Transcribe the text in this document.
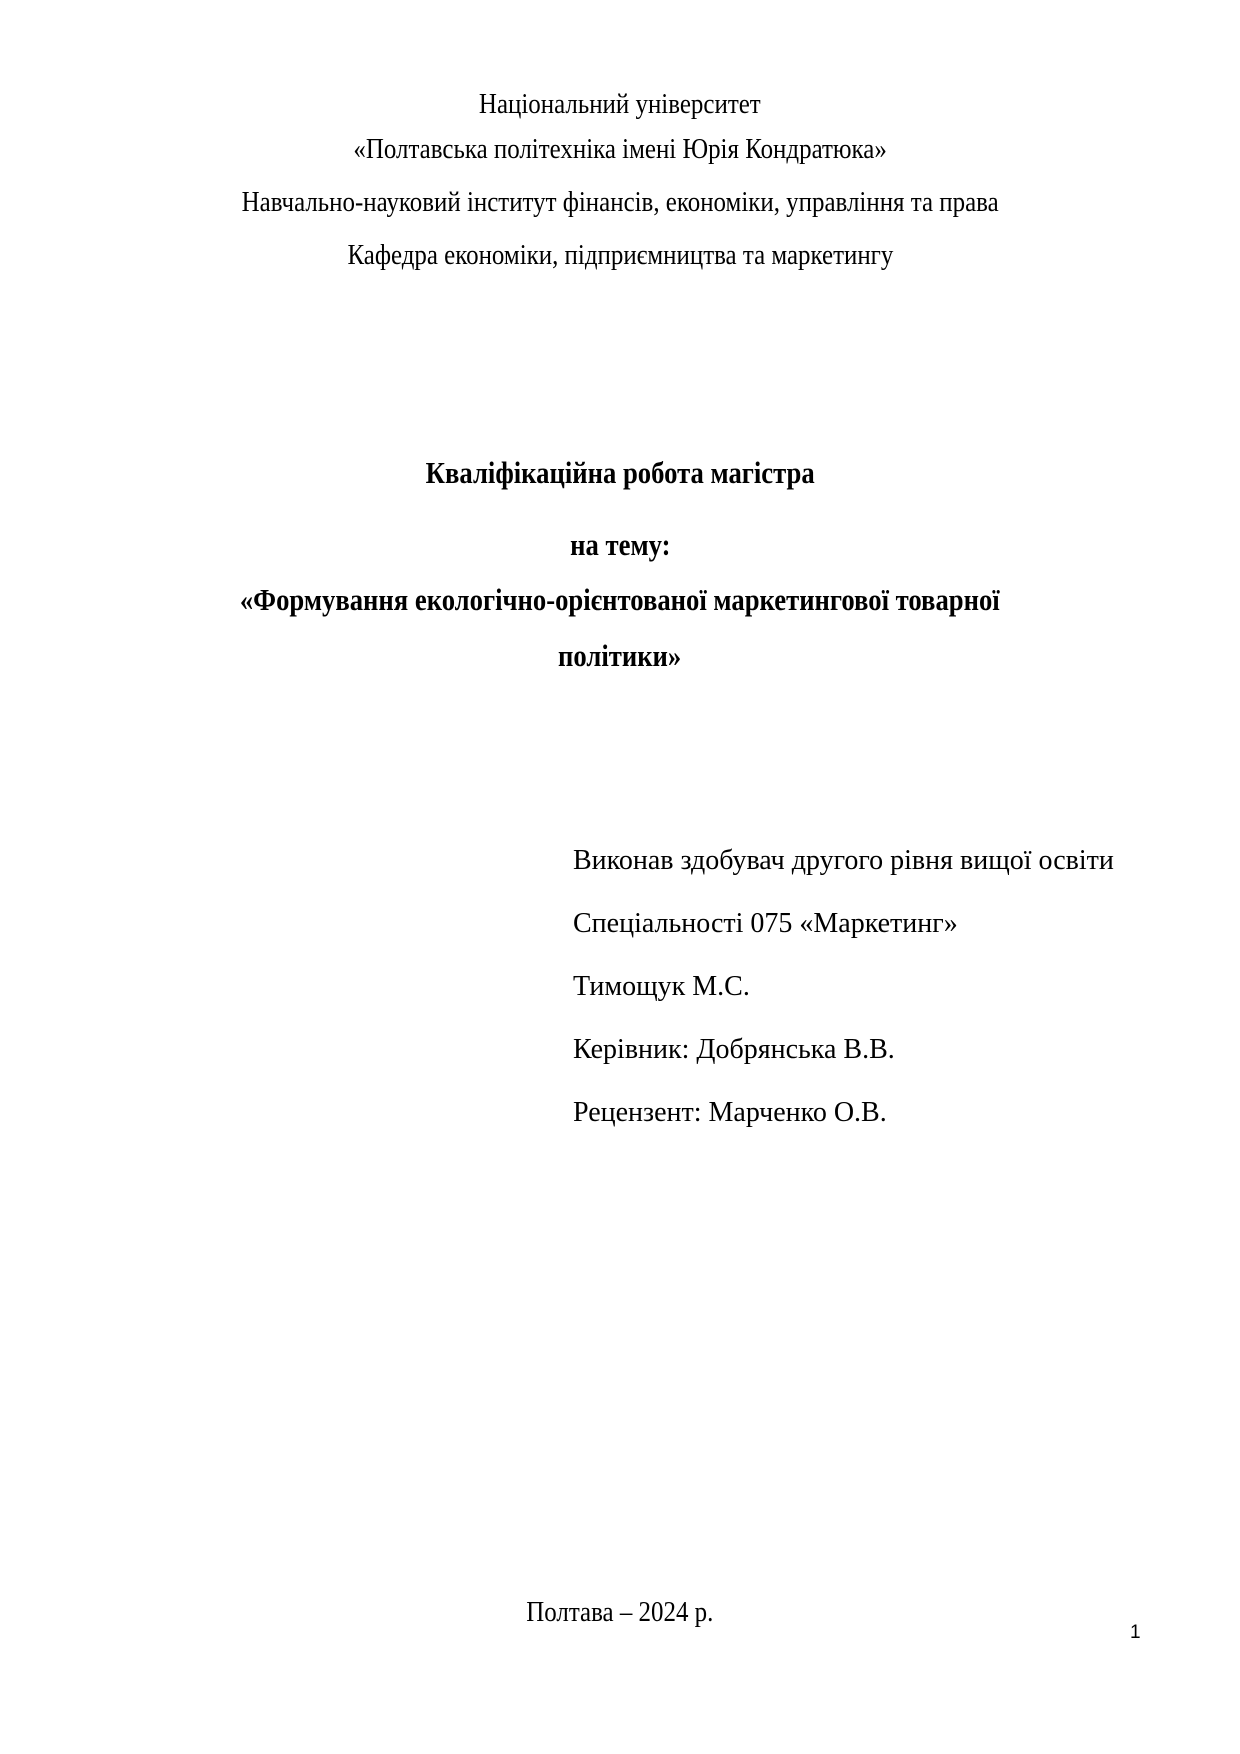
Національний університет
«Полтавська політехніка імені Юрія Кондратюка»
Навчально-науковий інститут фінансів, економіки, управління та права
Кафедра економіки, підприємництва та маркетингу
Кваліфікаційна робота магістра
на тему:
«Формування екологічно-орієнтованої маркетингової товарної
політики»
Виконав здобувач другого рівня вищої освіти
Спеціальності 075 «Маркетинг»
Тимощук М.С.
Керівник: Добрянська В.В.
Рецензент: Марченко О.В.
Полтава – 2024 р.
1
